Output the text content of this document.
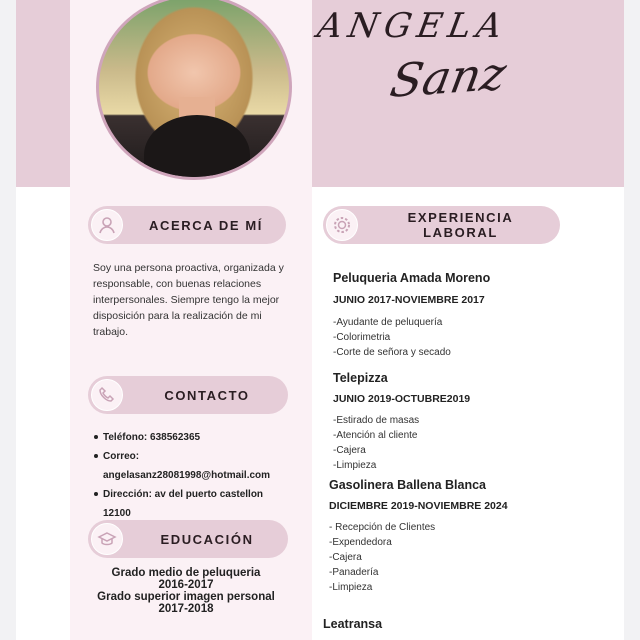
ANGELA
Sanz
ACERCA DE MÍ
Soy una persona proactiva, organizada y responsable, con buenas relaciones interpersonales. Siempre tengo la mejor disposición para la realización de mi trabajo.
CONTACTO
Teléfono: 638562365
Correo:
angelasanz28081998@hotmail.com
Dirección: av del puerto castellon
12100
EDUCACIÓN
Grado medio de peluqueria
2016-2017
Grado superior imagen personal
2017-2018
EXPERIENCIA LABORAL
Peluqueria Amada Moreno
JUNIO 2017-NOVIEMBRE 2017
-Ayudante de peluquería
-Colorimetria
-Corte de señora y secado
Telepizza
JUNIO 2019-OCTUBRE2019
-Estirado de masas
-Atención al cliente
-Cajera
-Limpieza
Gasolinera Ballena Blanca
DICIEMBRE 2019-NOVIEMBRE 2024
- Recepción de Clientes
-Expendedora
-Cajera
-Panadería
-Limpieza
Leatransa
